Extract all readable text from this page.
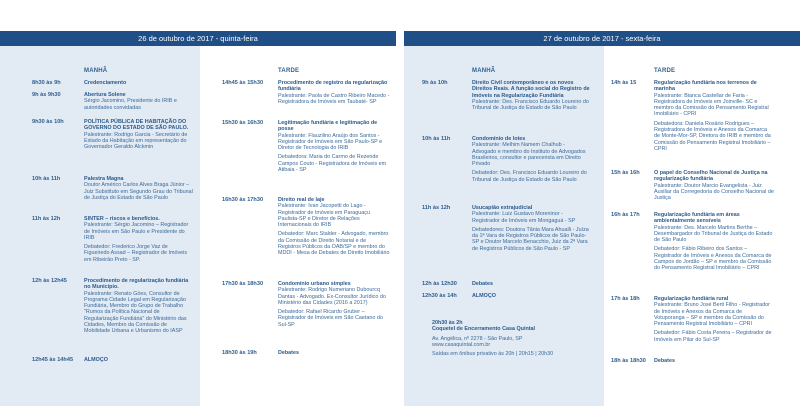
26 de outubro de 2017 - quinta-feira	27 de outubro de 2017 - sexta-feira
MANHÃ	TARDE	MANHÃ	TARDE
8h30 às 9h	Credenciamento
9h às 9h30	Abertura Solene
Sérgio Jacomino, Presidente do IRIB e autoridades convidadas
9h30 às 10h	POLÍTICA PÚBLICA DE HABITAÇÃO DO GOVERNO DO ESTADO DE SÃO PAULO.
Palestrante: Rodrigo Garcia - Secretário de Estado da Habitação em representação do Governador Geraldo Alckmin
10h às 11h	Palestra Magna
Doutor Américo Carlos Alves Braga Júnior – Juiz Substituto em Segundo Grau do Tribunal de Justiça do Estado de São Paulo
11h às 12h	SINTER – riscos e benefícios.
Palestrante: Sérgio Jacomino – Registrador de Imóveis em São Paulo e Presidente do IRIB
Debatedor: Frederico Jorge Vaz de Figueiredo Assad – Registrador de Imóveis em Ribeirão Preto - SP.
12h às 12h45	Procedimento de regularização fundiária no Município.
Palestrante: Renato Góes, Consultor de Programa Cidade Legal em Regularização Fundiária, Membro do Grupo de Trabalho "Rumos da Política Nacional de Regularização Fundiária" do Ministério das Cidades, Membro da Comissão de Mobilidade Urbana e Urbanismo do IASP
12h45 às 14h45 ALMOÇO
14h45 às 15h30	Procedimento de registro da regularização fundiária
Palestrante: Paola de Castro Ribeiro Macedo - Registradora de Imóveis em Taubaté- SP
15h30 às 16h30	Legitimação fundiária e legitimação de posse
Palestrante: Flauzilino Araújo dos Santos - Registrador de Imóveis em São Paulo-SP e Diretor de Tecnologia do IRIB
Debatedora: Maria do Carmo de Rezende Campos Couto - Registradora de Imóveis em Atibaia - SP
16h30 às 17h30	Direito real de laje
Palestrante: Ivan Jacopetti do Lago - Registrador de Imóveis em Paraguaçu Paulista-SP e Diretor de Relações Internacionais do IRIB
Debatedor: Marc Stalder - Advogado, membro da Comissão de Direito Notarial e de Registros Públicos da OAB/SP e membro do MDDI - Mesa de Debates de Direito Imobiliário
17h30 às 18h30	Condomínio urbano simples
Palestrante: Rodrigo Numeriano Dubourcq Dantas - Advogado. Ex-Consultor Jurídico do Ministério das Cidades (2016 a 2017)
Debatedor: Rafael Ricardo Gruber – Registrador de Imóveis em São Caetano do Sul-SP
18h30 às 19h	Debates
9h às 10h	Direito Civil contemporâneo e os novos Direitos Reais. A função social do Registro de Imóveis na Regularização Fundiária
Palestrante: Des. Francisco Eduardo Loureiro do Tribunal de Justiça do Estado de São Paulo
10h às 11h	Condomínio de lotes
Palestrante: Melhim Namem Chalhub - Advogado e membro do Instituto de Advogados Brasileiros, consultor e parecerista em Direito Privado
Debatedor: Des. Francisco Eduardo Loureiro do Tribunal de Justiça do Estado de São Paulo
11h às 12h	Usucapião extrajudicial
Palestrante: Luiz Gustavo Moreninor - Registrador de Imóveis em Mongaguá - SP
Debatedores: Doutora Tânia Mara Ahualli - Juíza da 1ª Vara de Registros Públicos de São Paulo-SP e Doutor Marcelo Benacchio, Juiz da 2ª Vara de Registros Públicos de São Paulo - SP
12h às 12h30	Debates
12h30 às 14h	ALMOÇO
14h às 15	Regularização fundiária nos terrenos de marinha
Palestrante: Bianca Castellar de Faria - Registradora de Imóveis em Joinville- SC e membro da Comissão do Pensamento Registral Imobiliário - CPRI
Debatedora: Daniela Rosário Rodrigues – Registradora de Imóveis e Anexos da Comarca de Monte-Mor-SP, Diretora do IRIB e membro da Comissão do Pensamento Registral Imobiliário – CPRI
15h às 16h	O papel do Conselho Nacional de Justiça na regularização fundiária
Palestrante: Doutor Marcio Evangelista - Juiz Auxiliar da Corregedoria do Conselho Nacional de Justiça
16h às 17h	Regularização fundiária em áreas ambientalmente sensíveis
Palestrante: Des. Marcelo Martins Berthe – Desembargador do Tribunal de Justiça do Estado de São Paulo
Debatedor: Fábio Ribeiro dos Santos – Registrador de Imóveis e Anexos da Comarca de Campos do Jordão – SP e membro da Comissão do Pensamento Registral Imobiliário – CPRI
17h às 18h	Regularização fundiária rural
Palestrante: Bruno José Berti Filho - Registrador de Imóveis e Anexos da Comarca de Votuporanga – SP e membro da Comissão do Pensamento Registral Imobiliário – CPRI
Debatedor: Fábio Costa Pereira – Registrador de Imóveis em Pilar do Sul-SP
18h às 18h30 Debates
20h30 às 2h
Coquetel de Encerramento Casa Quintal
Av. Angélica, nº 2278 - São Paulo, SP
www.casaquintal.com.br
Saídas em ônibus privativo às 20h | 20h15 | 20h30
